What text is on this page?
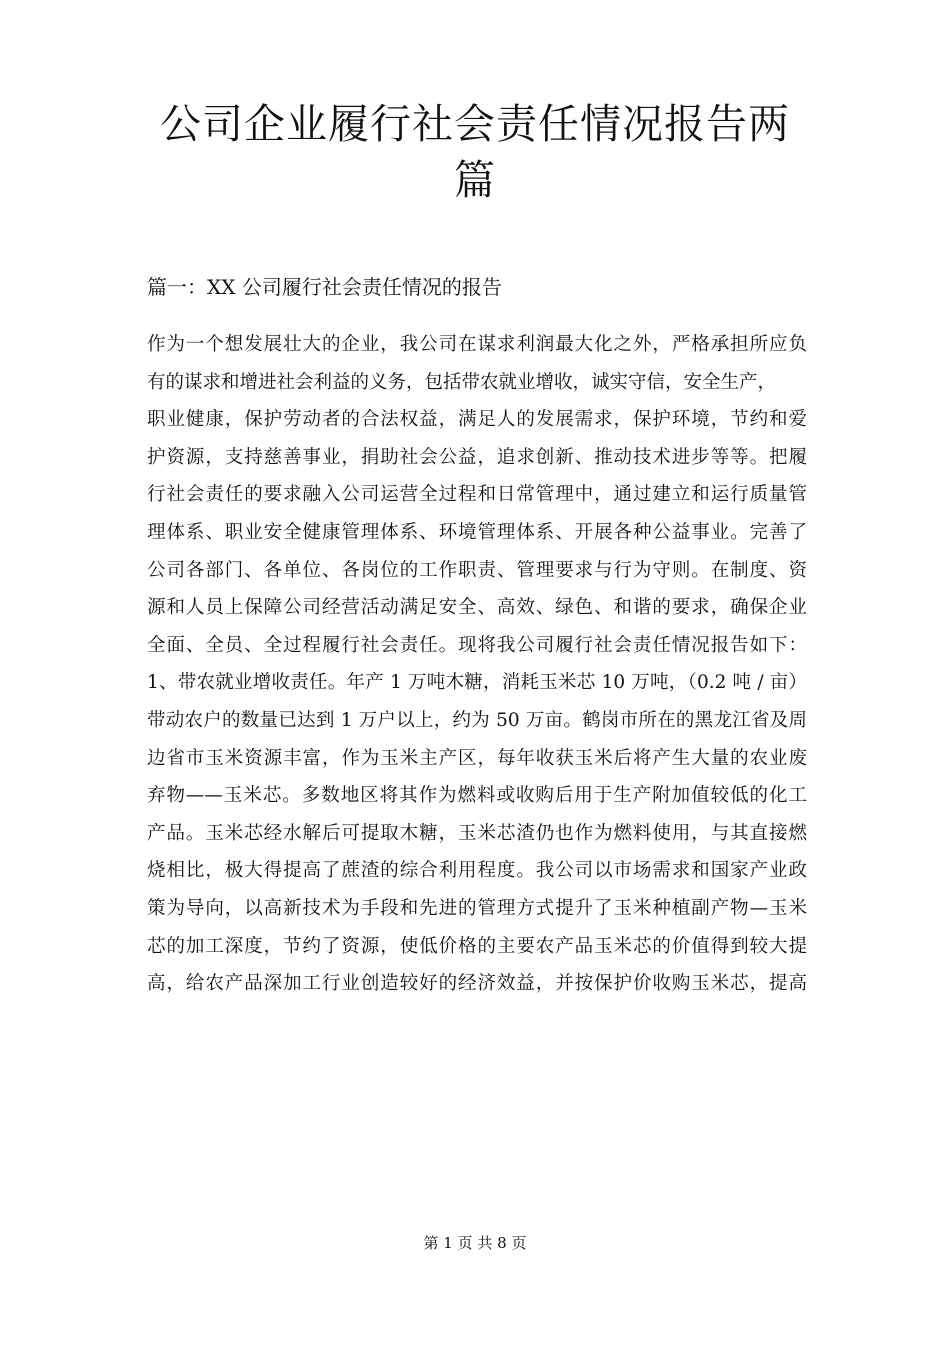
公司企业履行社会责任情况报告两
篇
篇一：XX 公司履行社会责任情况的报告
作为一个想发展壮大的企业，我公司在谋求利润最大化之外，严格承担所应负
有的谋求和增进社会利益的义务，包括带农就业增收，诚实守信，安全生产，
职业健康，保护劳动者的合法权益，满足人的发展需求，保护环境，节约和爱
护资源，支持慈善事业，捐助社会公益，追求创新、推动技术进步等等。把履
行社会责任的要求融入公司运营全过程和日常管理中，通过建立和运行质量管
理体系、职业安全健康管理体系、环境管理体系、开展各种公益事业。完善了
公司各部门、各单位、各岗位的工作职责、管理要求与行为守则。在制度、资
源和人员上保障公司经营活动满足安全、高效、绿色、和谐的要求，确保企业
全面、全员、全过程履行社会责任。现将我公司履行社会责任情况报告如下：
1、带农就业增收责任。年产 1 万吨木糖，消耗玉米芯 10 万吨，（0.2 吨 / 亩）
带动农户的数量已达到 1 万户以上，约为 50 万亩。鹤岗市所在的黑龙江省及周
边省市玉米资源丰富，作为玉米主产区，每年收获玉米后将产生大量的农业废
弃物——玉米芯。多数地区将其作为燃料或收购后用于生产附加值较低的化工
产品。玉米芯经水解后可提取木糖，玉米芯渣仍也作为燃料使用，与其直接燃
烧相比，极大得提高了蔗渣的综合利用程度。我公司以市场需求和国家产业政
策为导向，以高新技术为手段和先进的管理方式提升了玉米种植副产物—玉米
芯的加工深度，节约了资源，使低价格的主要农产品玉米芯的价值得到较大提
高，给农产品深加工行业创造较好的经济效益，并按保护价收购玉米芯，提高
第 1 页 共 8 页
